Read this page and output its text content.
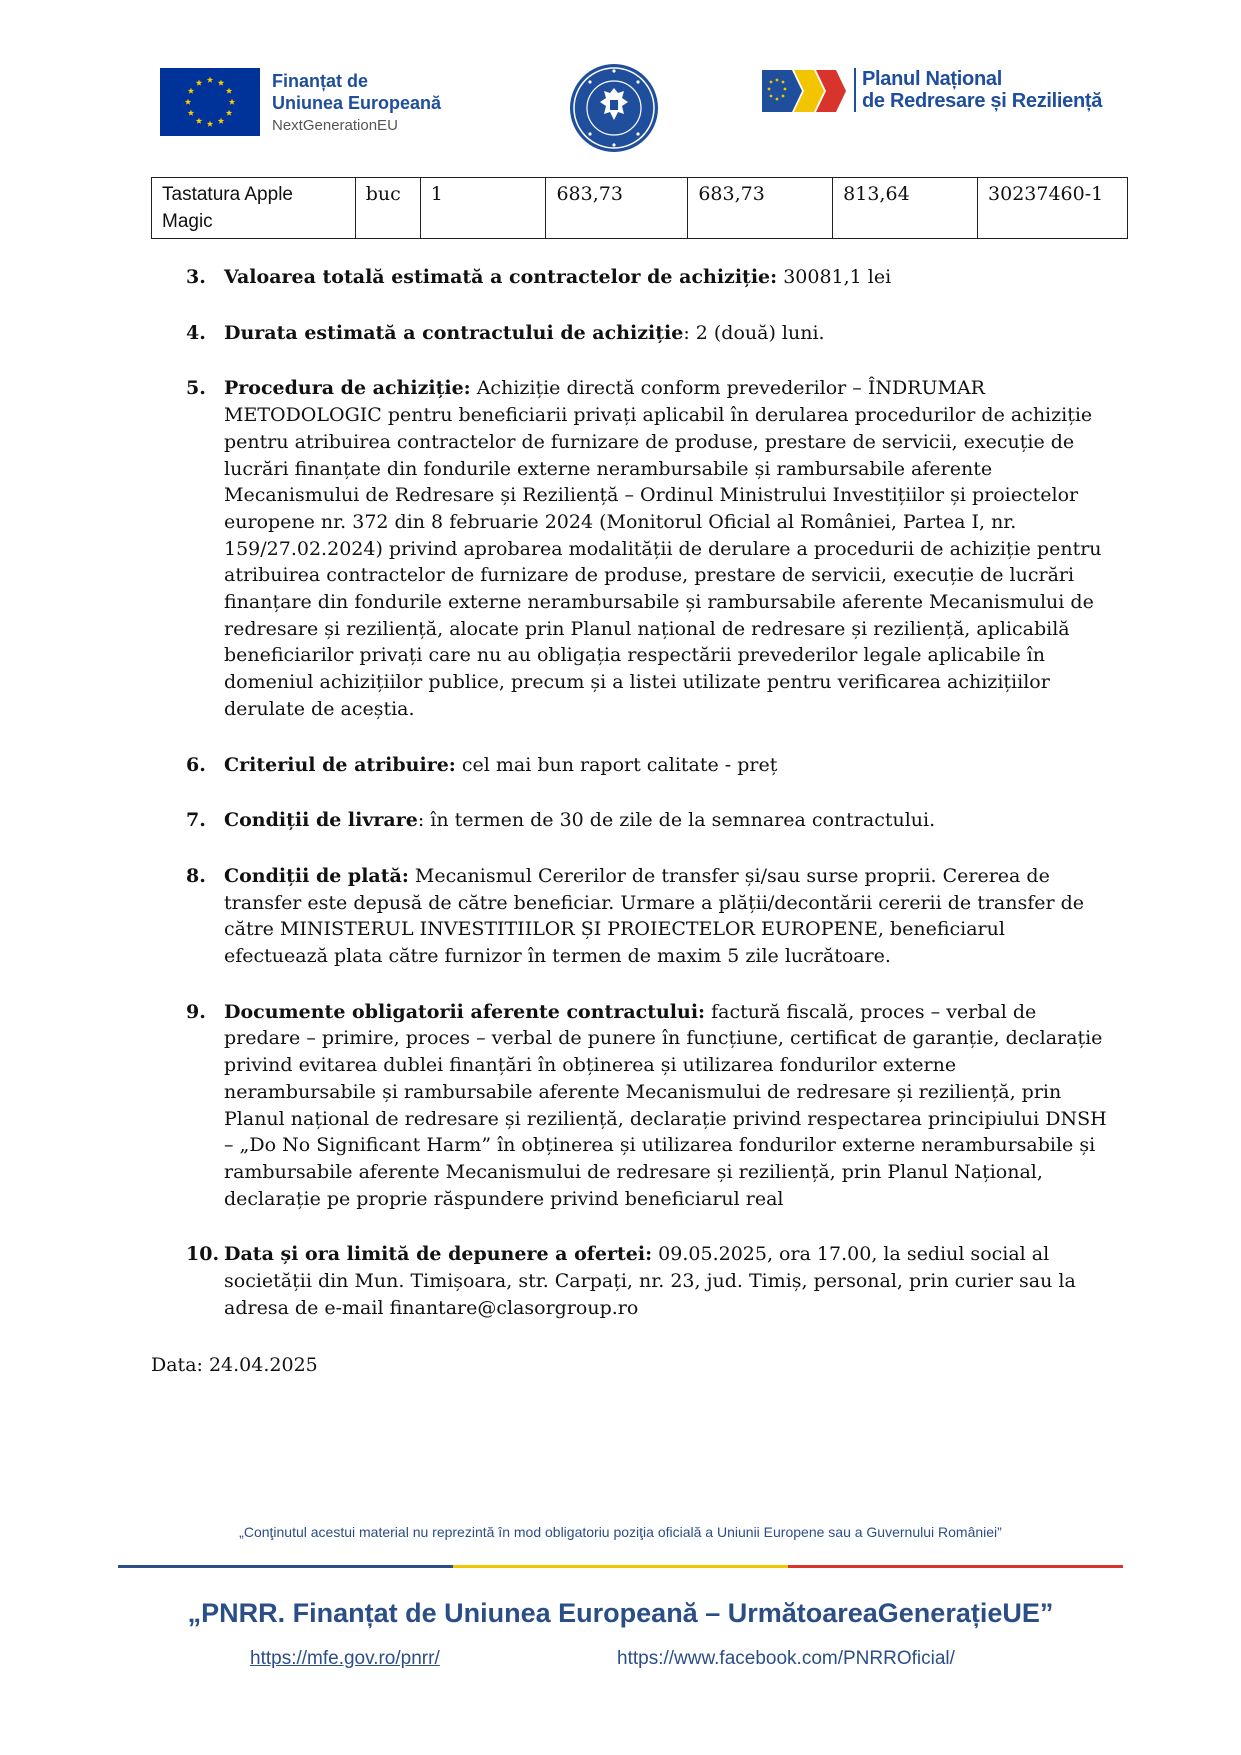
Finanțat de
Uniunea Europeană
NextGenerationEU
Planul Național
de Redresare și Reziliență
Tastatura Apple Magic	buc	1	683,73	683,73	813,64	30237460-1
3. Valoarea totală estimată a contractelor de achiziție: 30081,1 lei
4. Durata estimată a contractului de achiziție: 2 (două) luni.
5. Procedura de achiziție: Achiziție directă conform prevederilor – ÎNDRUMAR METODOLOGIC pentru beneficiarii privați aplicabil în derularea procedurilor de achiziție pentru atribuirea contractelor de furnizare de produse, prestare de servicii, execuție de lucrări finanțate din fondurile externe nerambursabile și rambursabile aferente Mecanismului de Redresare și Reziliență – Ordinul Ministrului Investițiilor și proiectelor europene nr. 372 din 8 februarie 2024 (Monitorul Oficial al României, Partea I, nr. 159/27.02.2024) privind aprobarea modalității de derulare a procedurii de achiziție pentru atribuirea contractelor de furnizare de produse, prestare de servicii, execuție de lucrări finanțare din fondurile externe nerambursabile și rambursabile aferente Mecanismului de redresare și reziliență, alocate prin Planul național de redresare și reziliență, aplicabilă beneficiarilor privați care nu au obligația respectării prevederilor legale aplicabile în domeniul achizițiilor publice, precum și a listei utilizate pentru verificarea achizițiilor derulate de aceștia.
6. Criteriul de atribuire: cel mai bun raport calitate - preț
7. Condiții de livrare: în termen de 30 de zile de la semnarea contractului.
8. Condiții de plată: Mecanismul Cererilor de transfer și/sau surse proprii. Cererea de transfer este depusă de către beneficiar. Urmare a plății/decontării cererii de transfer de către MINISTERUL INVESTITIILOR ȘI PROIECTELOR EUROPENE, beneficiarul efectuează plata către furnizor în termen de maxim 5 zile lucrătoare.
9. Documente obligatorii aferente contractului: factură fiscală, proces – verbal de predare – primire, proces – verbal de punere în funcțiune, certificat de garanție, declarație privind evitarea dublei finanțări în obținerea și utilizarea fondurilor externe nerambursabile și rambursabile aferente Mecanismului de redresare și reziliență, prin Planul național de redresare și reziliență, declarație privind respectarea principiului DNSH – „Do No Significant Harm” în obținerea și utilizarea fondurilor externe nerambursabile și rambursabile aferente Mecanismului de redresare și reziliență, prin Planul Național, declarație pe proprie răspundere privind beneficiarul real
10. Data și ora limită de depunere a ofertei: 09.05.2025, ora 17.00, la sediul social al societății din Mun. Timișoara, str. Carpați, nr. 23, jud. Timiș, personal, prin curier sau la adresa de e-mail finantare@clasorgroup.ro
Data: 24.04.2025
„Conţinutul acestui material nu reprezintă în mod obligatoriu poziţia oficială a Uniunii Europene sau a Guvernului României”
„PNRR. Finanțat de Uniunea Europeană – UrmătoareaGenerațieUE”
https://mfe.gov.ro/pnrr/	https://www.facebook.com/PNRROficial/
